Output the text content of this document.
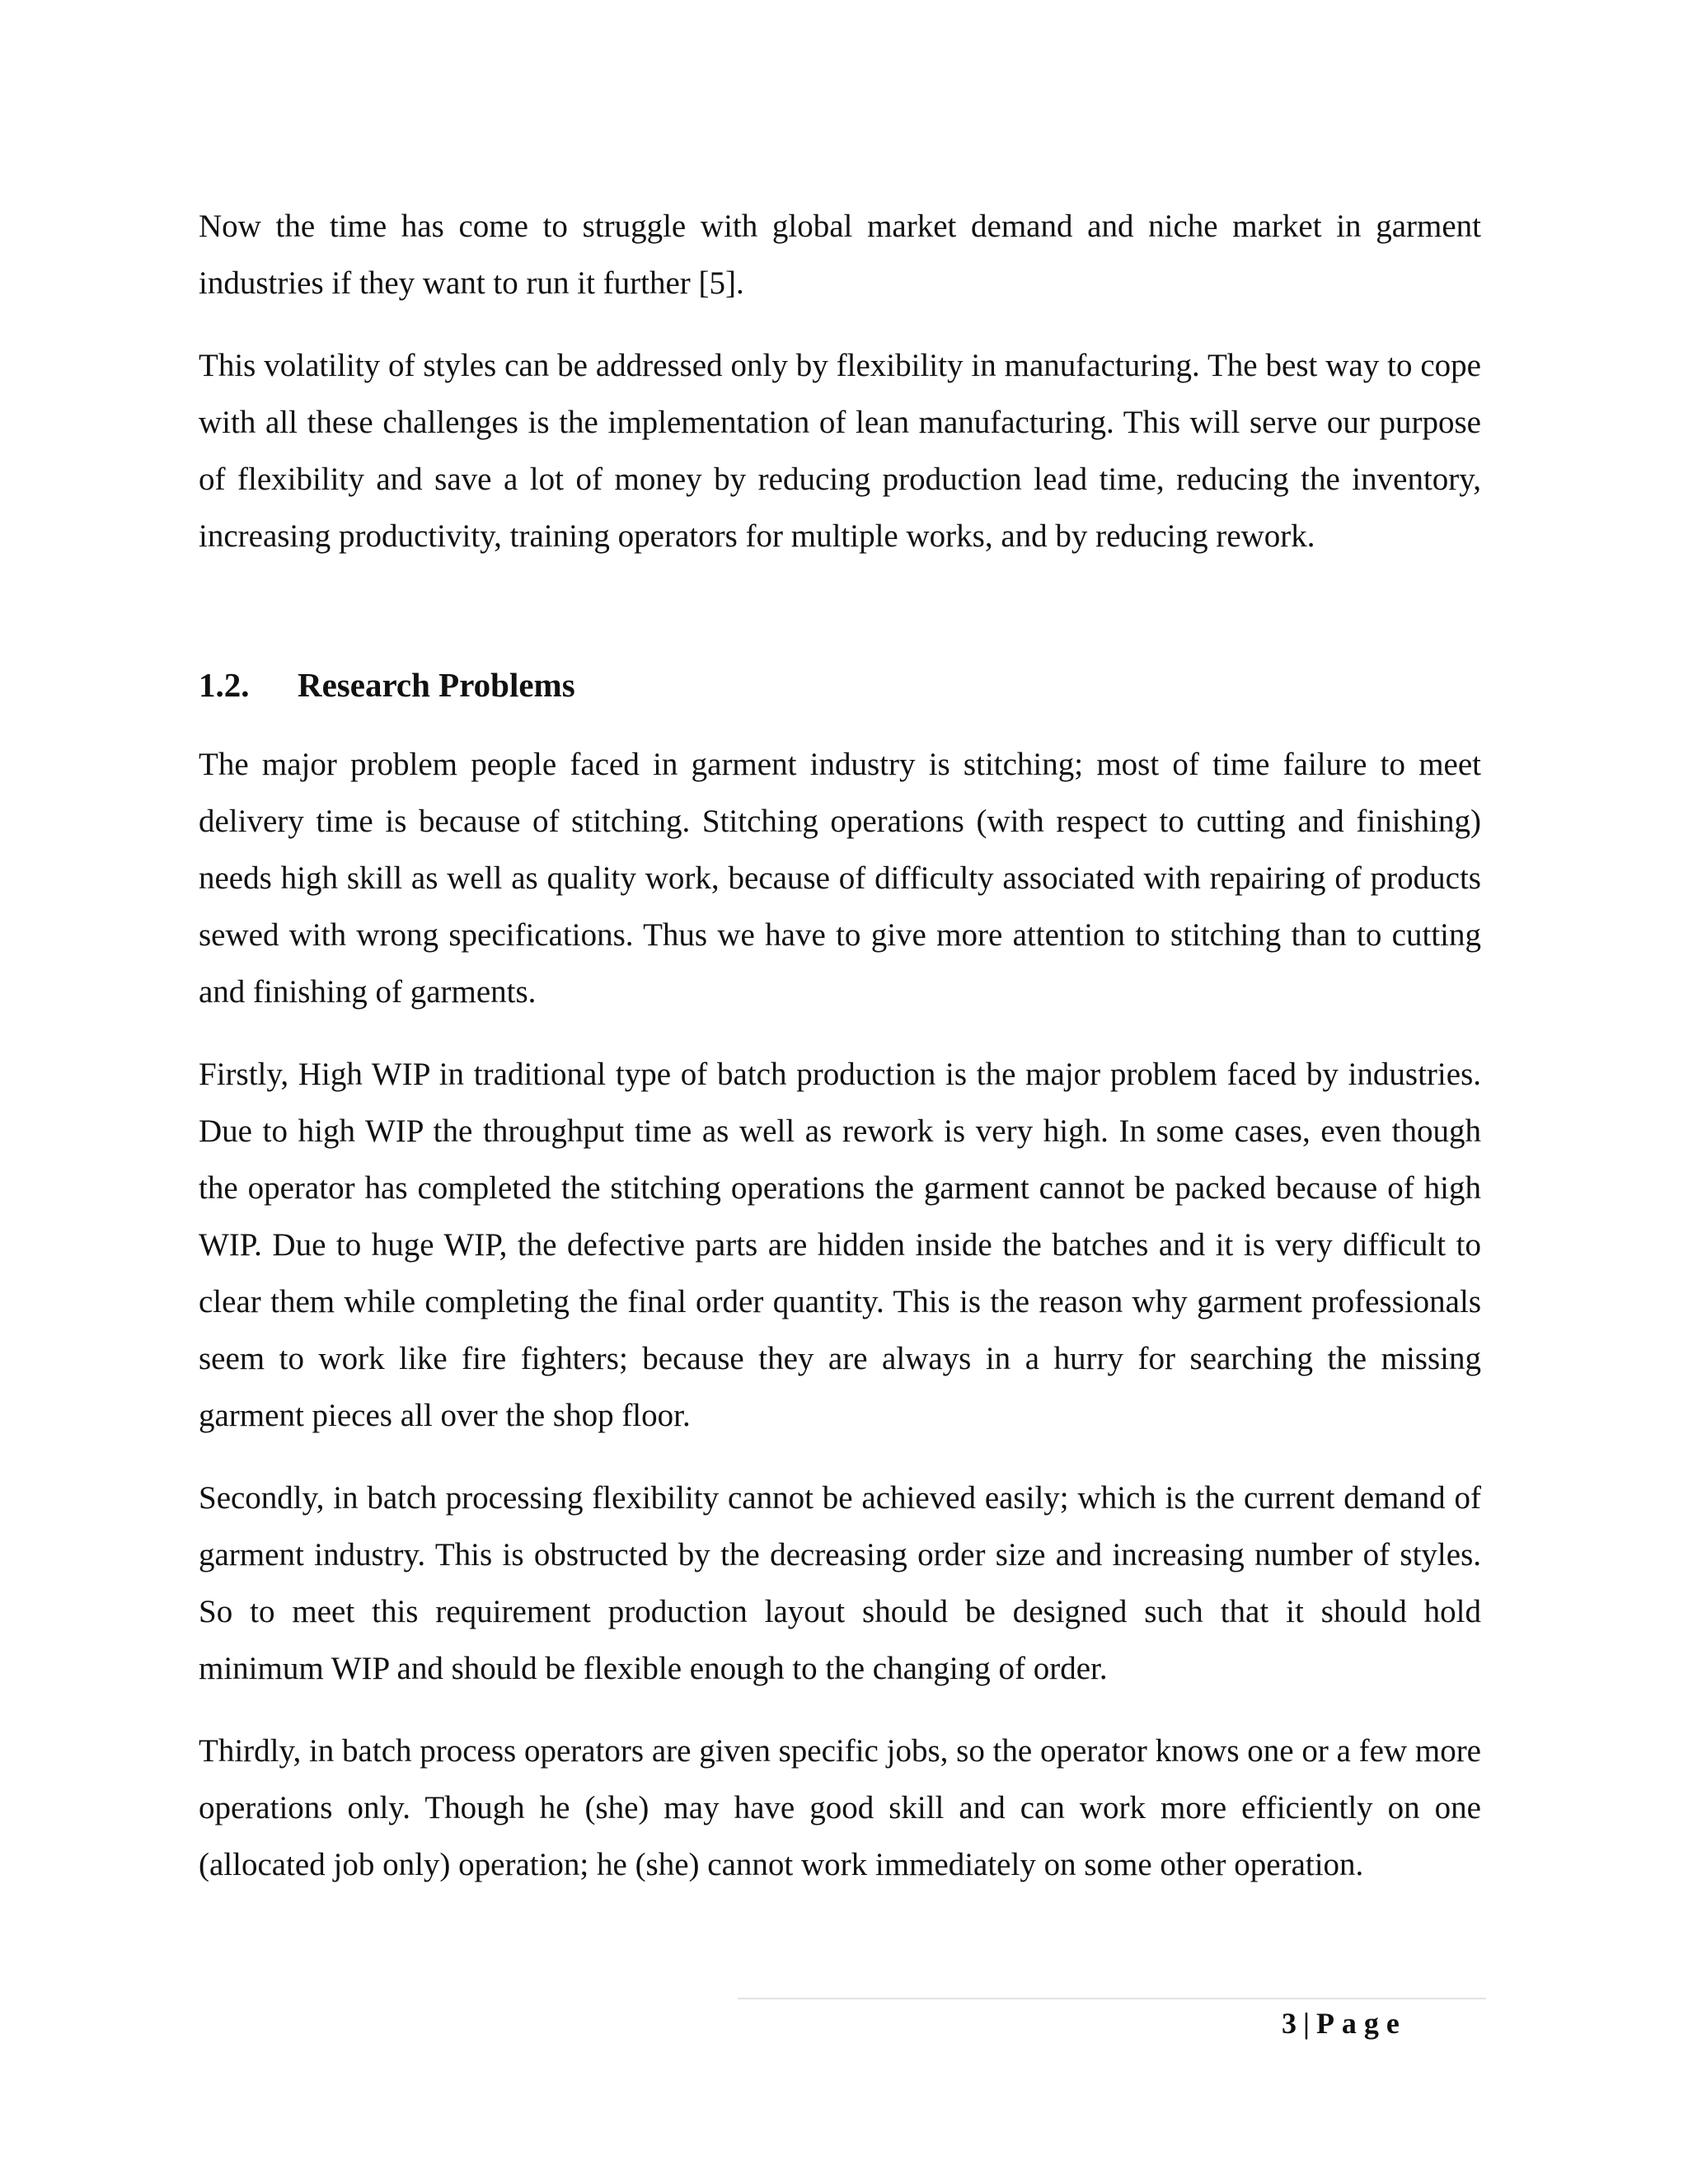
Now the time has come to struggle with global market demand and niche market in garment industries if they want to run it further [5].

This volatility of styles can be addressed only by flexibility in manufacturing. The best way to cope with all these challenges is the implementation of lean manufacturing. This will serve our purpose of flexibility and save a lot of money by reducing production lead time, reducing the inventory, increasing productivity, training operators for multiple works, and by reducing rework.

1.2.	Research Problems

The major problem people faced in garment industry is stitching; most of time failure to meet delivery time is because of stitching. Stitching operations (with respect to cutting and finishing) needs high skill as well as quality work, because of difficulty associated with repairing of products sewed with wrong specifications. Thus we have to give more attention to stitching than to cutting and finishing of garments.

Firstly, High WIP in traditional type of batch production is the major problem faced by industries. Due to high WIP the throughput time as well as rework is very high. In some cases, even though the operator has completed the stitching operations the garment cannot be packed because of high WIP. Due to huge WIP, the defective parts are hidden inside the batches and it is very difficult to clear them while completing the final order quantity. This is the reason why garment professionals seem to work like fire fighters; because they are always in a hurry for searching the missing garment pieces all over the shop floor.

Secondly, in batch processing flexibility cannot be achieved easily; which is the current demand of garment industry. This is obstructed by the decreasing order size and increasing number of styles. So to meet this requirement production layout should be designed such that it should hold minimum WIP and should be flexible enough to the changing of order.

Thirdly, in batch process operators are given specific jobs, so the operator knows one or a few more operations only. Though he (she) may have good skill and can work more efficiently on one (allocated job only) operation; he (she) cannot work immediately on some other operation.

3 | Page
